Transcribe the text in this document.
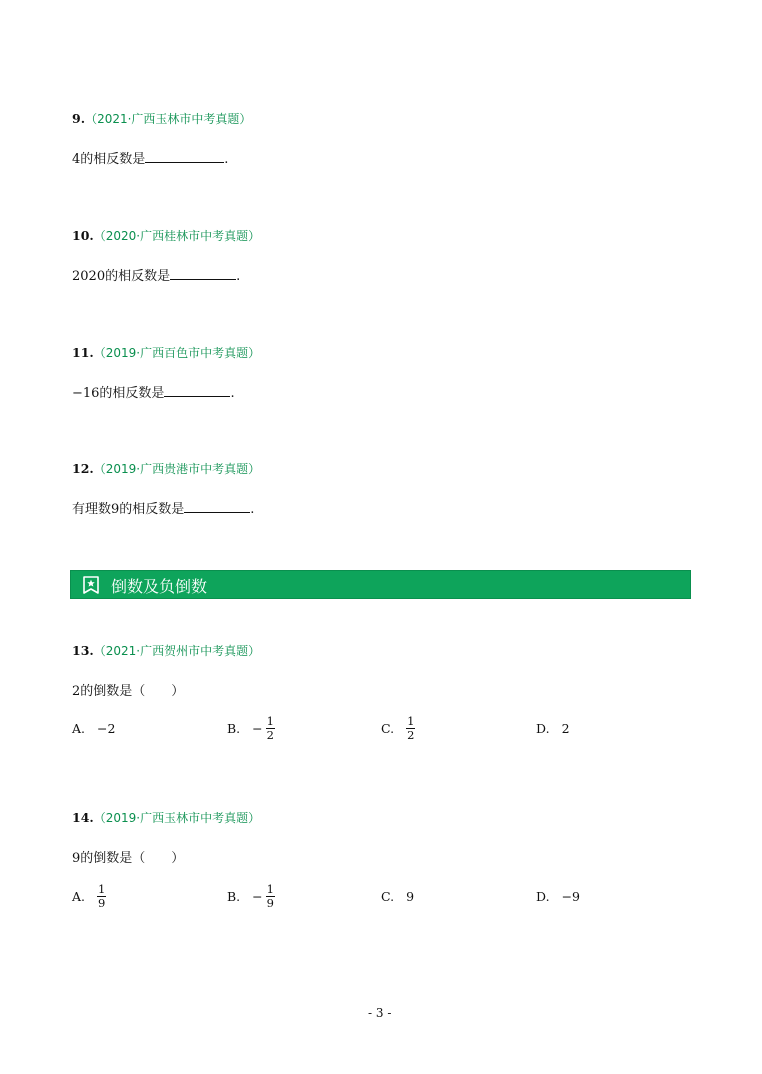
9.（2021·广西玉林市中考真题）
4的相反数是	.
10.（2020·广西桂林市中考真题）
2020的相反数是	.
11.（2019·广西百色市中考真题）
−16的相反数是	.
12.（2019·广西贵港市中考真题）
有理数9的相反数是	.
倒数及负倒数
13.（2021·广西贺州市中考真题）
2的倒数是（　　）
A. −2	B. − $\frac{1}{2}$	C. $\frac{1}{2}$	D. 2
14.（2019·广西玉林市中考真题）
9的倒数是（　　）
A. $\frac{1}{9}$	B. − $\frac{1}{9}$	C. 9	D. −9
- 3 -
